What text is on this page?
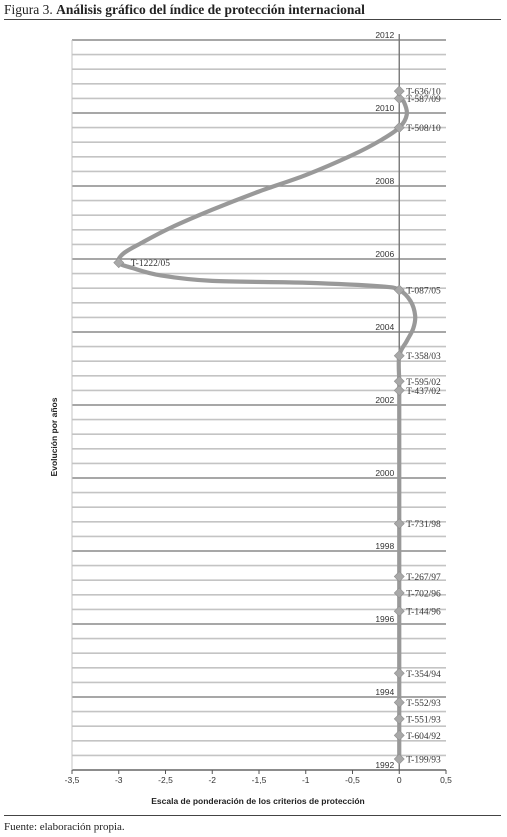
Figura 3. Análisis gráfico del índice de protección internacional
-3,5	-3	-2,5	-2	-1,5	-1	-0,5	0	0,5
1992
1994
1996
1998
2000
2002
2004
2006
2008
2010
2012
T-199/93
T-604/92
T-551/93
T-552/93
T-354/94
T-144/96
T-702/96
T-267/97
T-731/98
T-437/02
T-595/02
T-358/03
T-087/05
T-1222/05
T-508/10
T-587/09
T-636/10
Evolución por años
Escala de ponderación de los criterios de protección
Fuente: elaboración propia.
